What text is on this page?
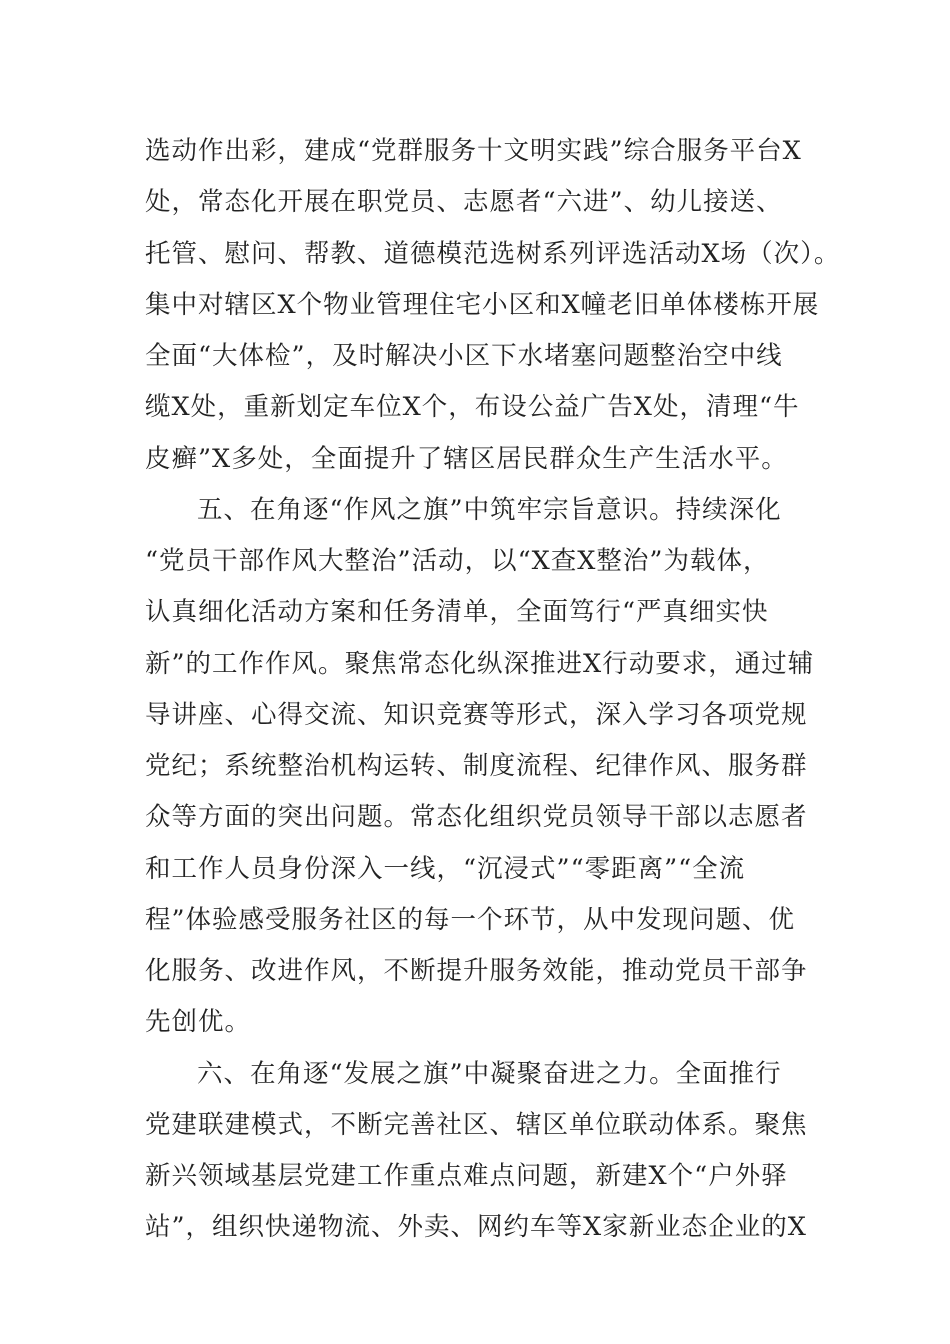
选动作出彩，建成“党群服务十文明实践”综合服务平台X
处，常态化开展在职党员、志愿者“六进”、幼儿接送、
托管、慰问、帮教、道德模范选树系列评选活动X场（次）。
集中对辖区X个物业管理住宅小区和X幢老旧单体楼栋开展
全面“大体检”，及时解决小区下水堵塞问题整治空中线
缆X处，重新划定车位X个，布设公益广告X处，清理“牛
皮癣”X多处，全面提升了辖区居民群众生产生活水平。
五、在角逐“作风之旗”中筑牢宗旨意识。持续深化
“党员干部作风大整治”活动，以“X查X整治”为载体，
认真细化活动方案和任务清单，全面笃行“严真细实快
新”的工作作风。聚焦常态化纵深推进X行动要求，通过辅
导讲座、心得交流、知识竞赛等形式，深入学习各项党规
党纪；系统整治机构运转、制度流程、纪律作风、服务群
众等方面的突出问题。常态化组织党员领导干部以志愿者
和工作人员身份深入一线，“沉浸式”“零距离”“全流
程”体验感受服务社区的每一个环节，从中发现问题、优
化服务、改进作风，不断提升服务效能，推动党员干部争
先创优。
六、在角逐“发展之旗”中凝聚奋进之力。全面推行
党建联建模式，不断完善社区、辖区单位联动体系。聚焦
新兴领域基层党建工作重点难点问题，新建X个“户外驿
站”，组织快递物流、外卖、网约车等X家新业态企业的X
